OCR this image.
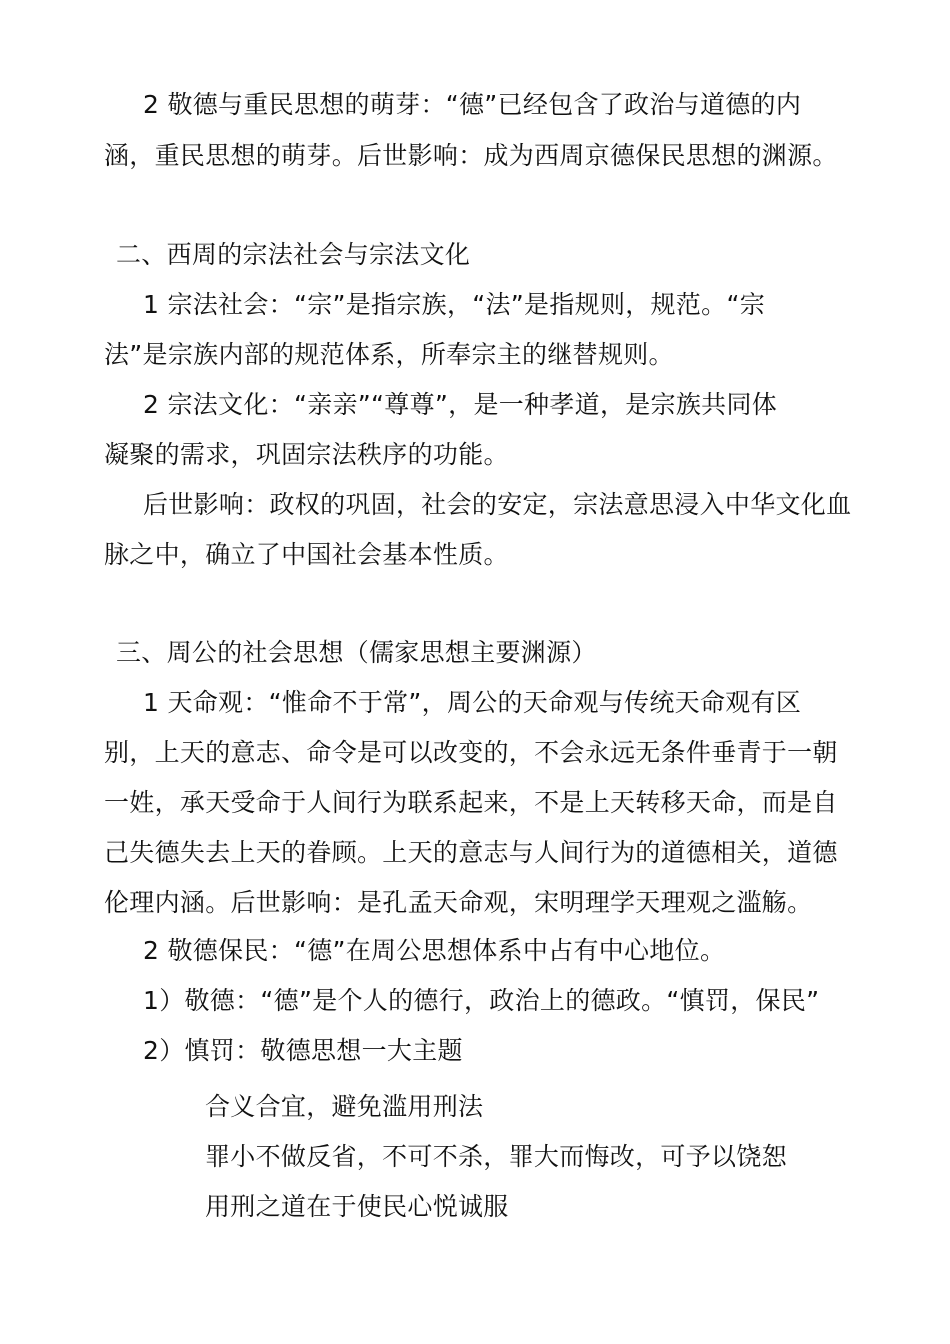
2 敬德与重民思想的萌芽：“德”已经包含了政治与道德的内
涵，重民思想的萌芽。后世影响：成为西周京德保民思想的渊源。
二、西周的宗法社会与宗法文化
1 宗法社会：“宗”是指宗族，“法”是指规则，规范。“宗
法”是宗族内部的规范体系，所奉宗主的继替规则。
2 宗法文化：“亲亲”“尊尊”，是一种孝道，是宗族共同体
凝聚的需求，巩固宗法秩序的功能。
后世影响：政权的巩固，社会的安定，宗法意思浸入中华文化血
脉之中，确立了中国社会基本性质。
三、周公的社会思想（儒家思想主要渊源）
1 天命观：“惟命不于常”，周公的天命观与传统天命观有区
别，上天的意志、命令是可以改变的，不会永远无条件垂青于一朝
一姓，承天受命于人间行为联系起来，不是上天转移天命，而是自
己失德失去上天的眷顾。上天的意志与人间行为的道德相关，道德
伦理内涵。后世影响：是孔孟天命观，宋明理学天理观之滥觞。
2 敬德保民：“德”在周公思想体系中占有中心地位。
1）敬德：“德”是个人的德行，政治上的德政。“慎罚，保民”
2）慎罚：敬德思想一大主题
合义合宜，避免滥用刑法
罪小不做反省，不可不杀，罪大而悔改，可予以饶恕
用刑之道在于使民心悦诚服
